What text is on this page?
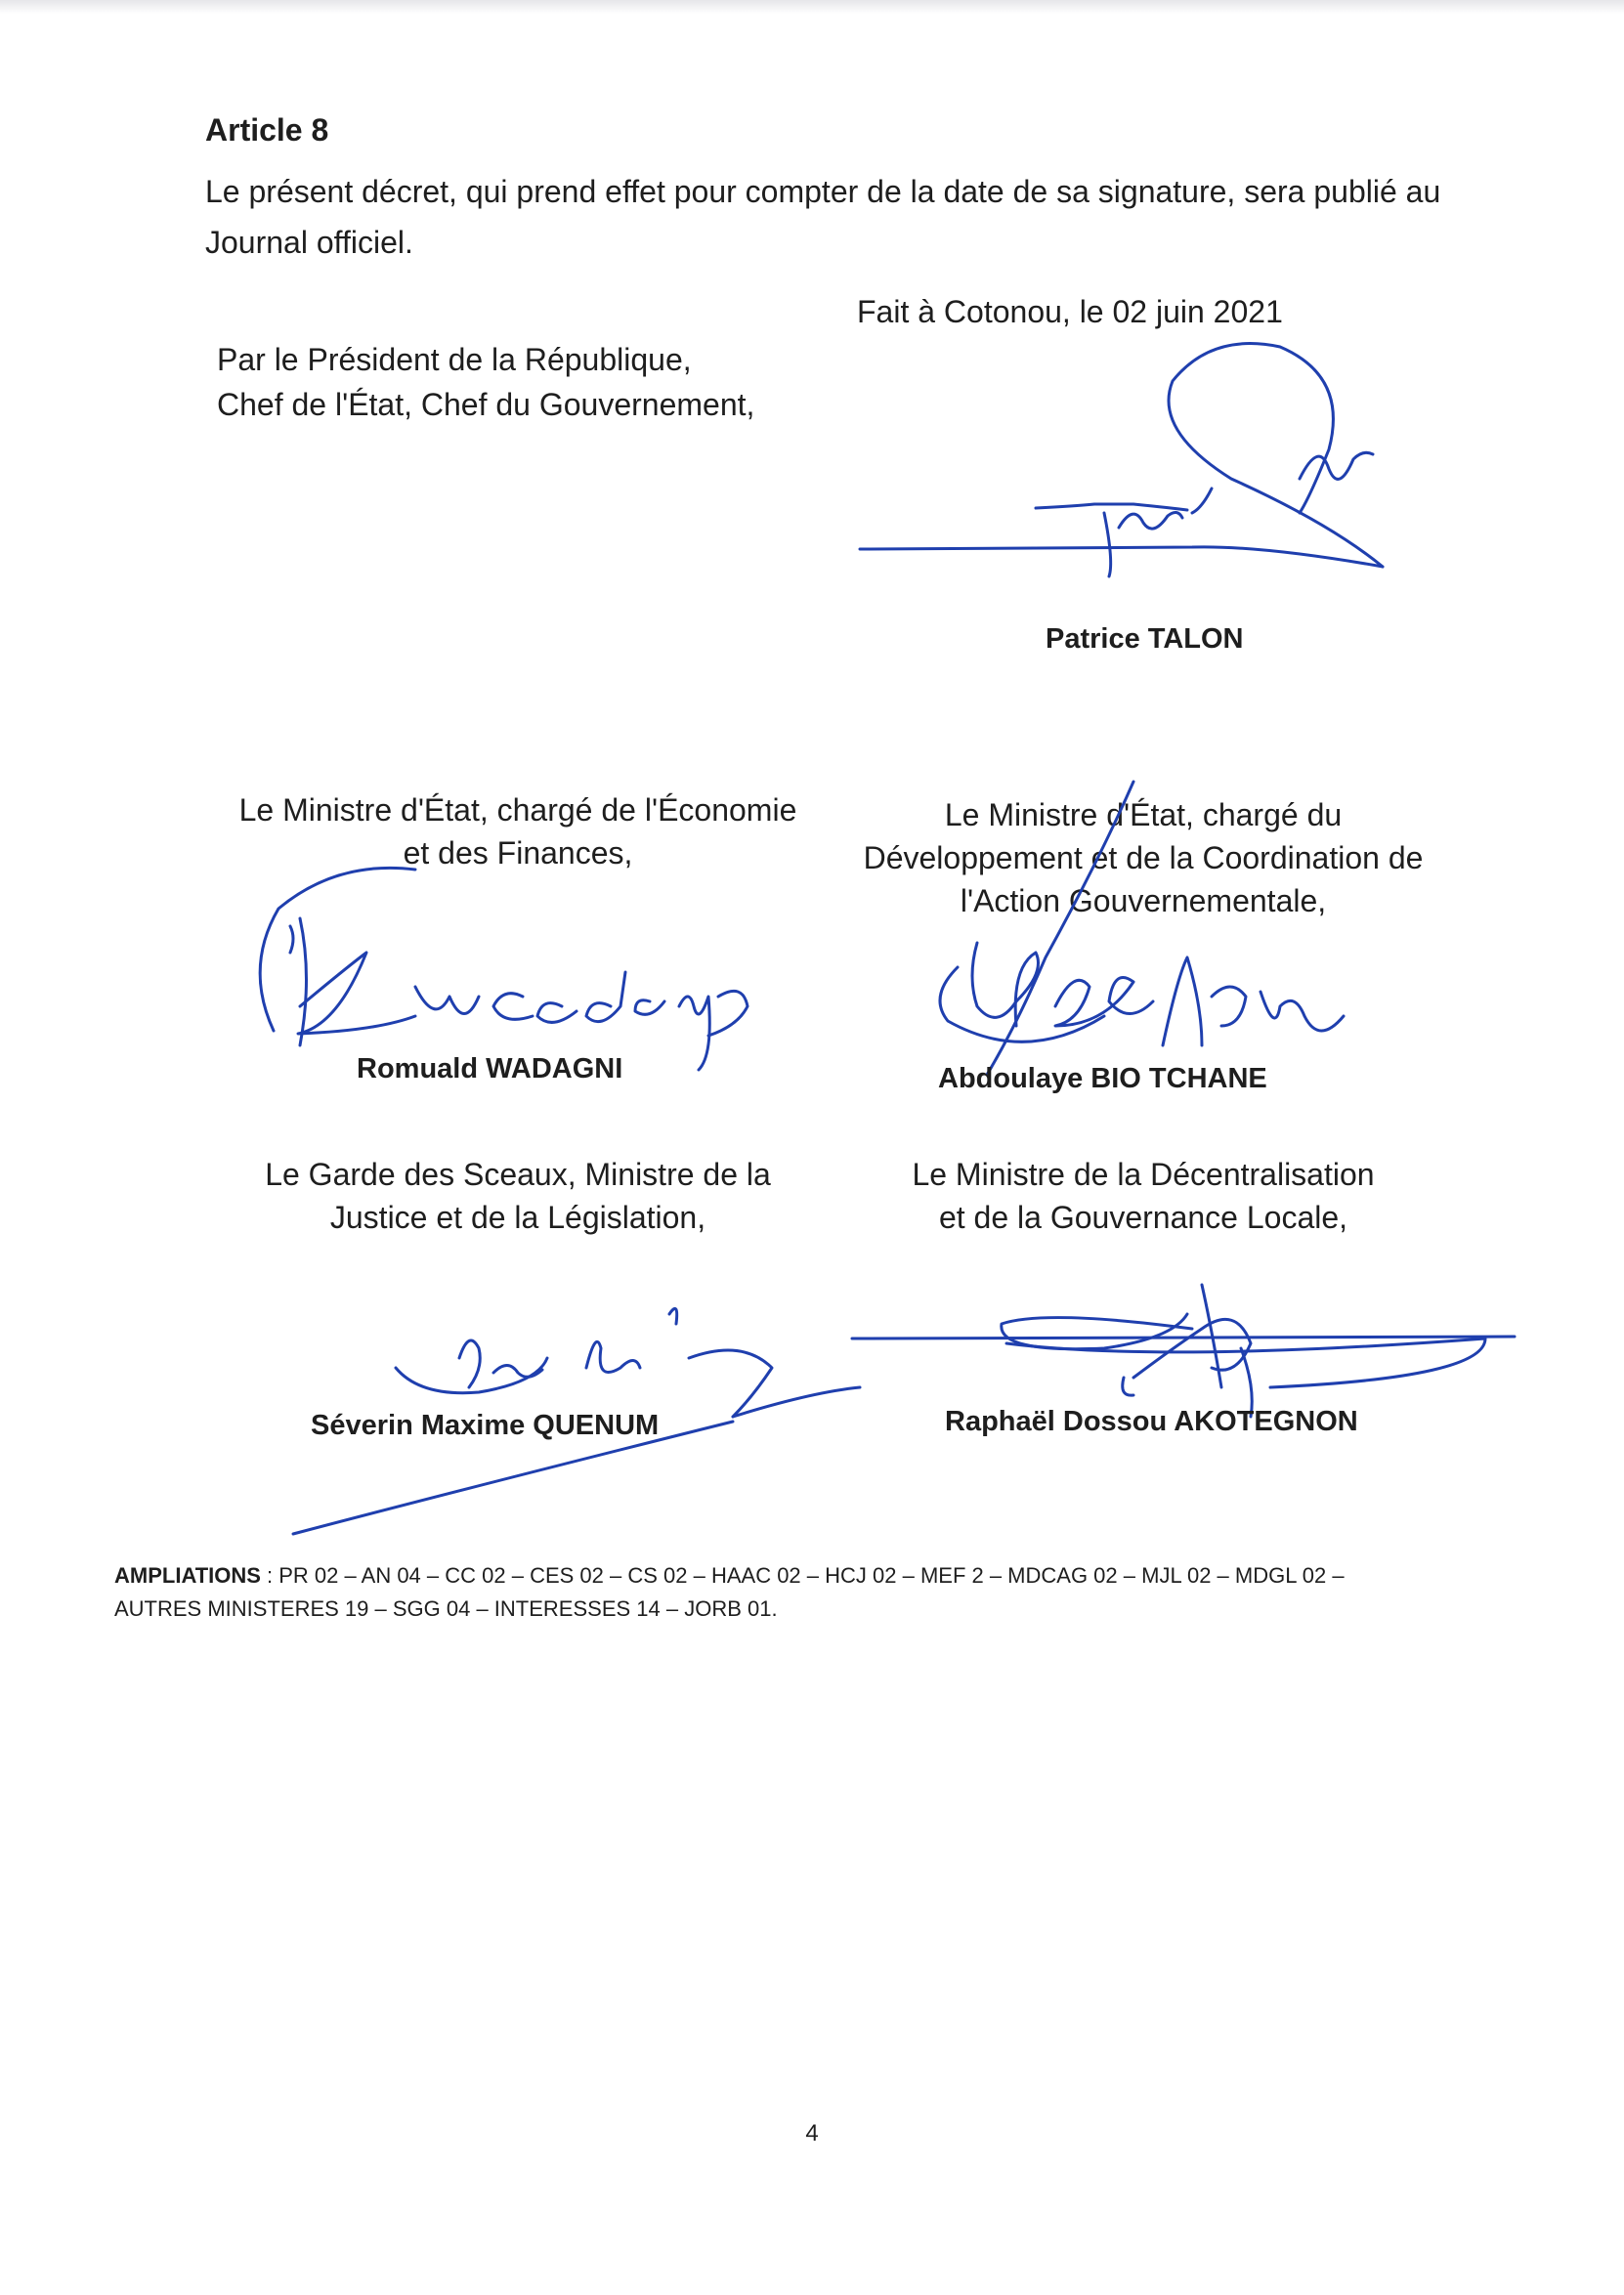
Article 8
Le présent décret, qui prend effet pour compter de la date de sa signature, sera publié au
Journal officiel.
Fait à Cotonou, le 02 juin 2021
Par le Président de la République,
Chef de l'État, Chef du Gouvernement,
Patrice TALON
Le Ministre d'État, chargé de l'Économie
et des Finances,
Romuald WADAGNI
Le Ministre d'État, chargé du
Développement et de la Coordination de
l'Action Gouvernementale,
Abdoulaye BIO TCHANE
Le Garde des Sceaux, Ministre de la
Justice et de la Législation,
Séverin Maxime QUENUM
Le Ministre de la Décentralisation
et de la Gouvernance Locale,
Raphaël Dossou AKOTEGNON
AMPLIATIONS : PR 02 – AN 04 – CC 02 – CES 02 – CS 02 – HAAC 02 – HCJ 02 – MEF 2 – MDCAG 02 – MJL 02 – MDGL 02 –
AUTRES MINISTERES 19 – SGG 04 – INTERESSES 14 – JORB 01.
4
